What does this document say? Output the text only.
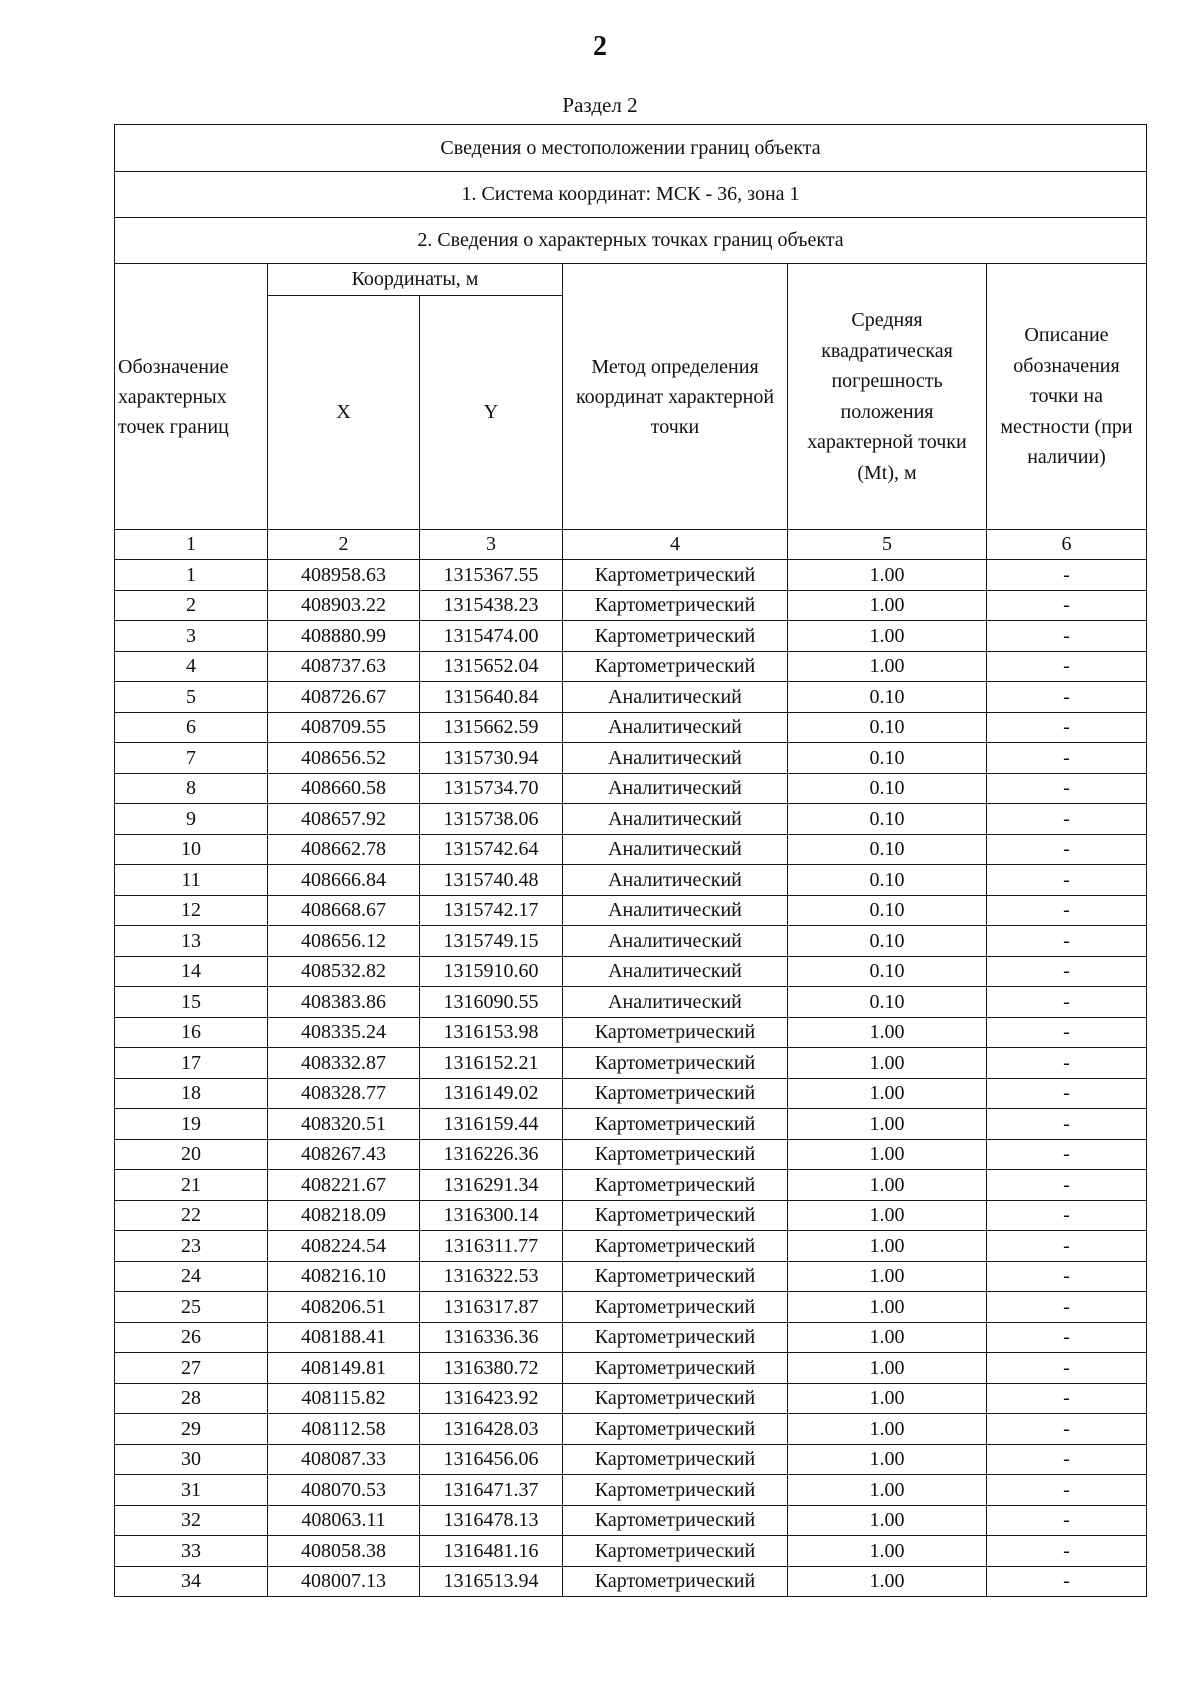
2
Раздел 2
Сведения о местоположении границ объекта					
1. Система координат: МСК - 36, зона 1					
2. Сведения о характерных точках границ объекта					
Обозначение характерных точек границ	Координаты, м		Метод определения координат характерной точки	Средняя квадратическая погрешность положения характерной точки (Mt), м	Описание обозначения точки на местности (при наличии)
	X	Y			
1	2	3	4	5	6
1	408958.63	1315367.55	Картометрический	1.00	-
2	408903.22	1315438.23	Картометрический	1.00	-
3	408880.99	1315474.00	Картометрический	1.00	-
4	408737.63	1315652.04	Картометрический	1.00	-
5	408726.67	1315640.84	Аналитический	0.10	-
6	408709.55	1315662.59	Аналитический	0.10	-
7	408656.52	1315730.94	Аналитический	0.10	-
8	408660.58	1315734.70	Аналитический	0.10	-
9	408657.92	1315738.06	Аналитический	0.10	-
10	408662.78	1315742.64	Аналитический	0.10	-
11	408666.84	1315740.48	Аналитический	0.10	-
12	408668.67	1315742.17	Аналитический	0.10	-
13	408656.12	1315749.15	Аналитический	0.10	-
14	408532.82	1315910.60	Аналитический	0.10	-
15	408383.86	1316090.55	Аналитический	0.10	-
16	408335.24	1316153.98	Картометрический	1.00	-
17	408332.87	1316152.21	Картометрический	1.00	-
18	408328.77	1316149.02	Картометрический	1.00	-
19	408320.51	1316159.44	Картометрический	1.00	-
20	408267.43	1316226.36	Картометрический	1.00	-
21	408221.67	1316291.34	Картометрический	1.00	-
22	408218.09	1316300.14	Картометрический	1.00	-
23	408224.54	1316311.77	Картометрический	1.00	-
24	408216.10	1316322.53	Картометрический	1.00	-
25	408206.51	1316317.87	Картометрический	1.00	-
26	408188.41	1316336.36	Картометрический	1.00	-
27	408149.81	1316380.72	Картометрический	1.00	-
28	408115.82	1316423.92	Картометрический	1.00	-
29	408112.58	1316428.03	Картометрический	1.00	-
30	408087.33	1316456.06	Картометрический	1.00	-
31	408070.53	1316471.37	Картометрический	1.00	-
32	408063.11	1316478.13	Картометрический	1.00	-
33	408058.38	1316481.16	Картометрический	1.00	-
34	408007.13	1316513.94	Картометрический	1.00	-
